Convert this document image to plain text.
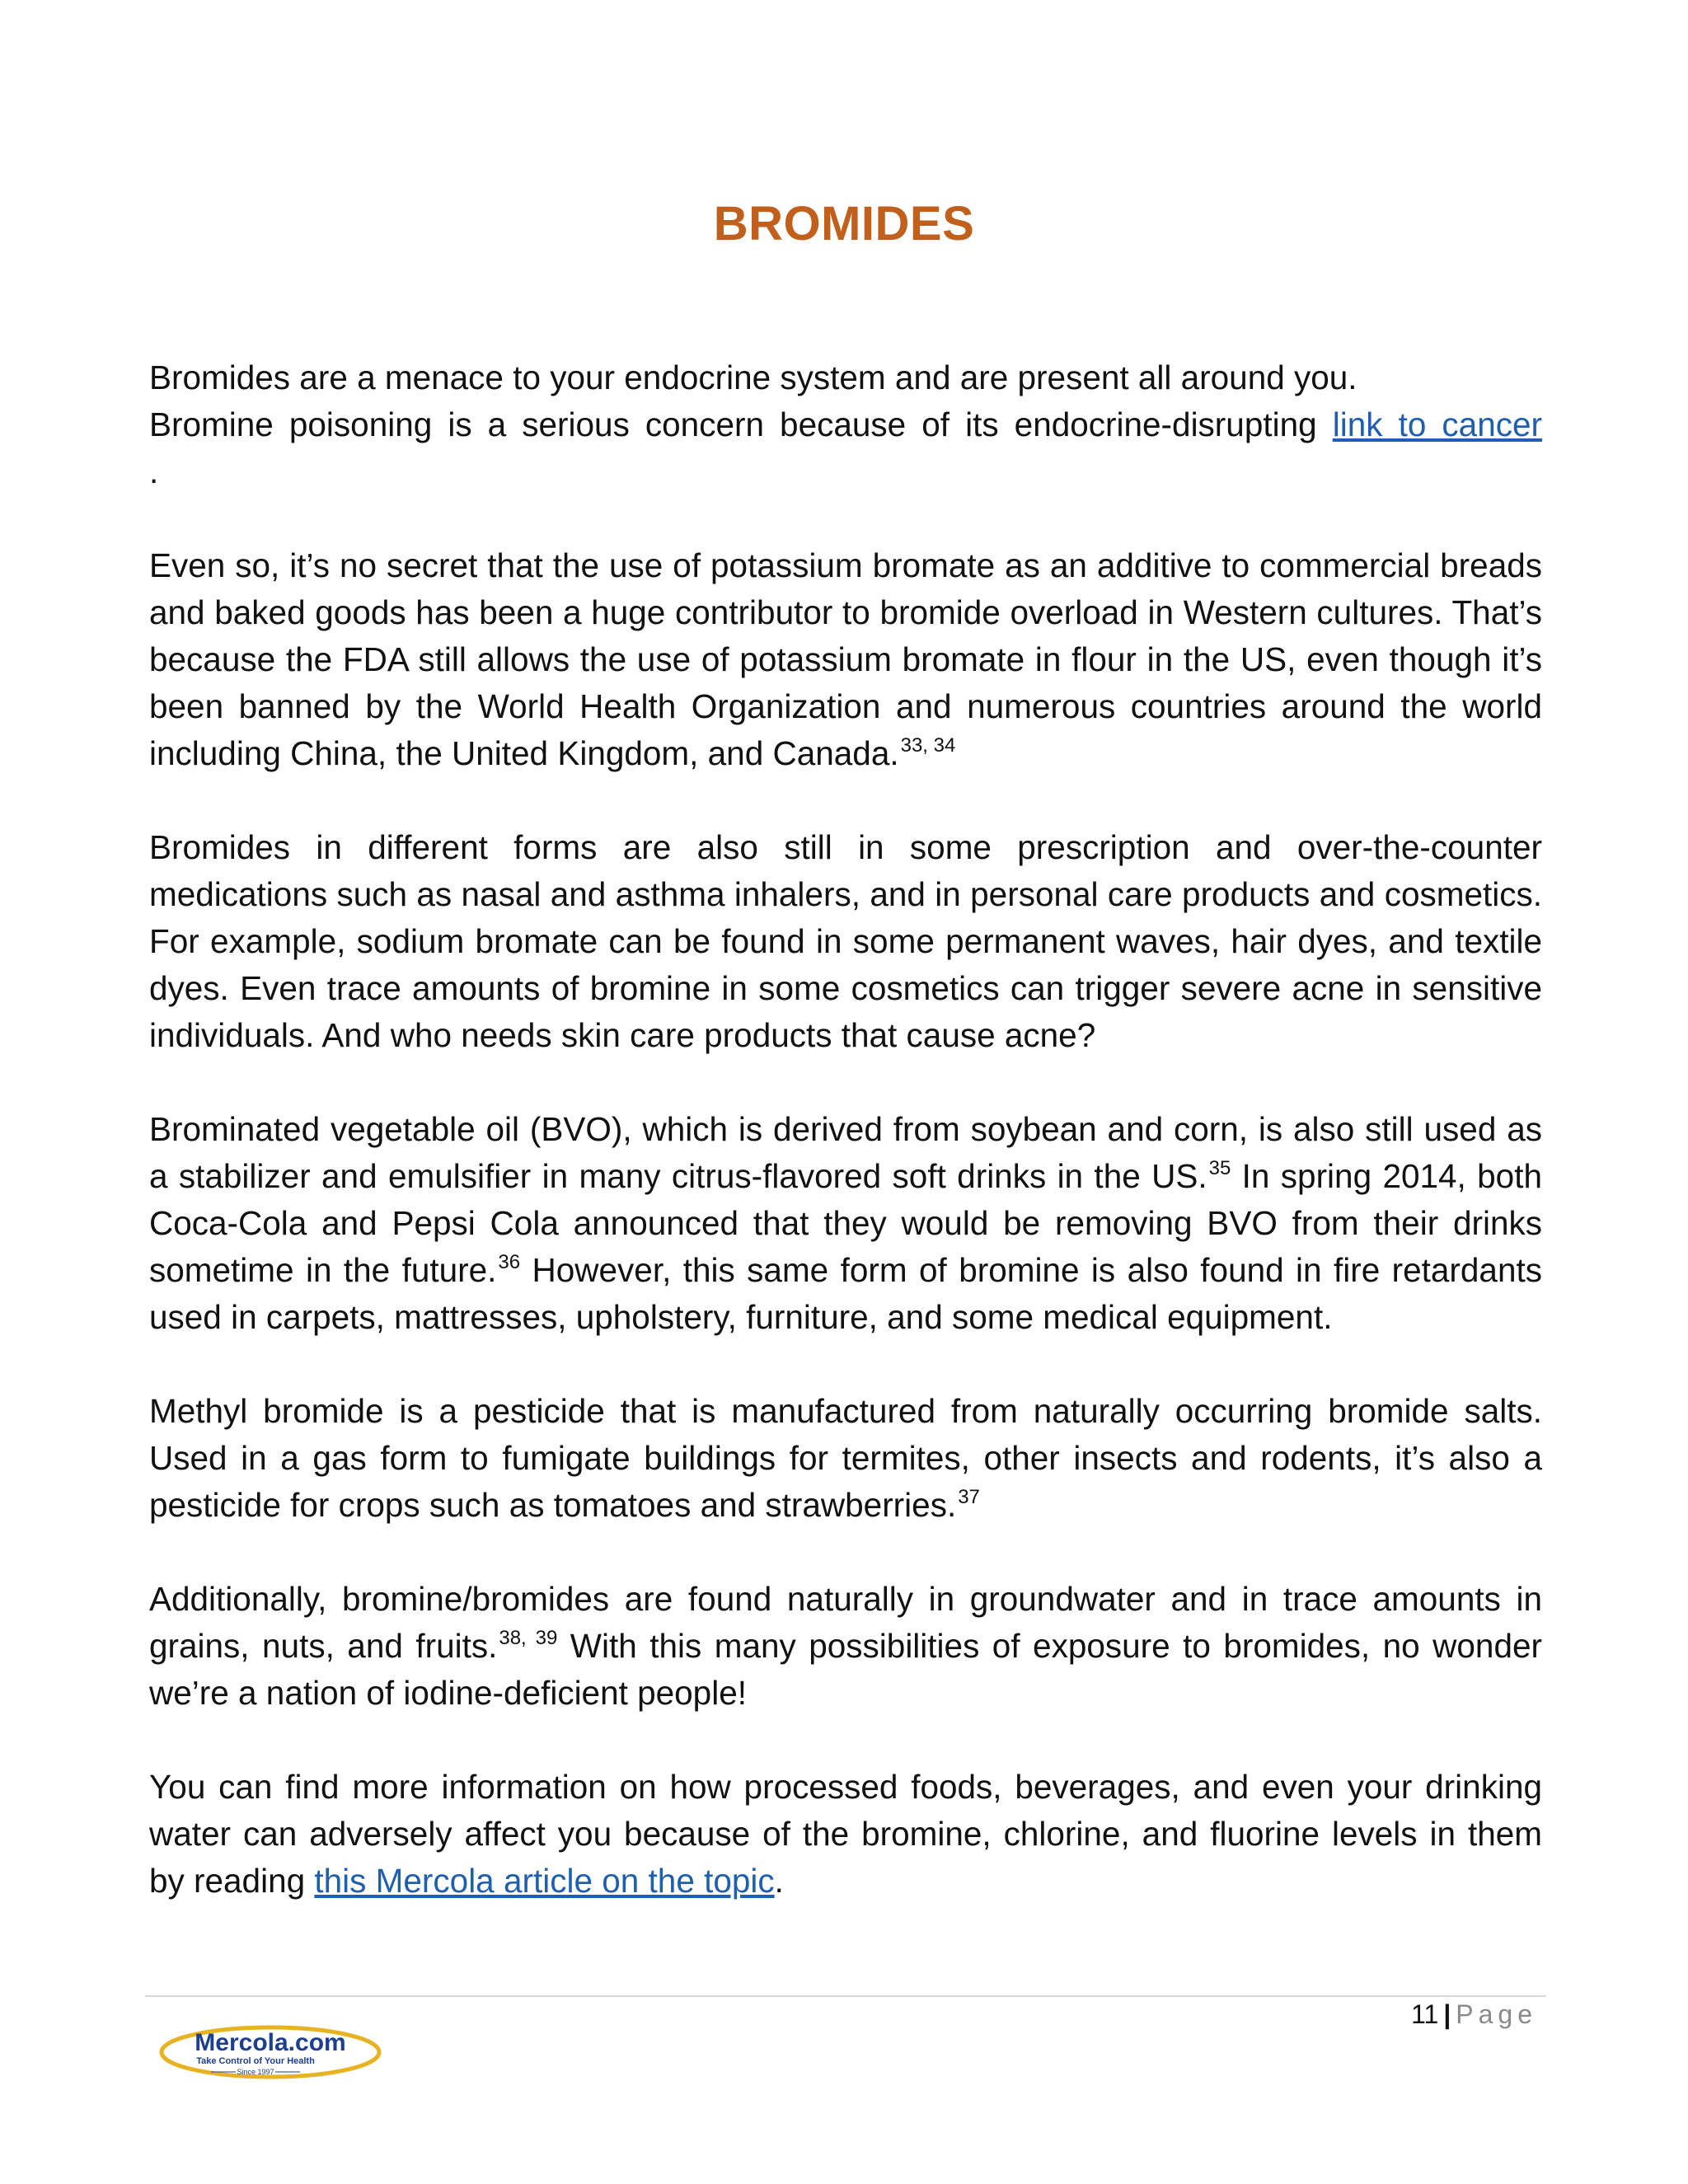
BROMIDES

Bromides are a menace to your endocrine system and are present all around you.
Bromine poisoning is a serious concern because of its endocrine-disrupting link to cancer
.

Even so, it’s no secret that the use of potassium bromate as an additive to commercial breads and baked goods has been a huge contributor to bromide overload in Western cultures. That’s because the FDA still allows the use of potassium bromate in flour in the US, even though it’s been banned by the World Health Organization and numerous countries around the world including China, the United Kingdom, and Canada.$^{33, 34}$

Bromides in different forms are also still in some prescription and over-the-counter medications such as nasal and asthma inhalers, and in personal care products and cosmetics. For example, sodium bromate can be found in some permanent waves, hair dyes, and textile dyes. Even trace amounts of bromine in some cosmetics can trigger severe acne in sensitive individuals. And who needs skin care products that cause acne?

Brominated vegetable oil (BVO), which is derived from soybean and corn, is also still used as a stabilizer and emulsifier in many citrus-flavored soft drinks in the US.$^{35}$ In spring 2014, both Coca-Cola and Pepsi Cola announced that they would be removing BVO from their drinks sometime in the future.$^{36}$ However, this same form of bromine is also found in fire retardants used in carpets, mattresses, upholstery, furniture, and some medical equipment.

Methyl bromide is a pesticide that is manufactured from naturally occurring bromide salts. Used in a gas form to fumigate buildings for termites, other insects and rodents, it’s also a pesticide for crops such as tomatoes and strawberries.$^{37}$

Additionally, bromine/bromides are found naturally in groundwater and in trace amounts in grains, nuts, and fruits.$^{38, 39}$ With this many possibilities of exposure to bromides, no wonder we’re a nation of iodine-deficient people!

You can find more information on how processed foods, beverages, and even your drinking water can adversely affect you because of the bromine, chlorine, and fluorine levels in them by reading this Mercola article on the topic.

11 | Page
Mercola.com
Take Control of Your Health
Since 1997
